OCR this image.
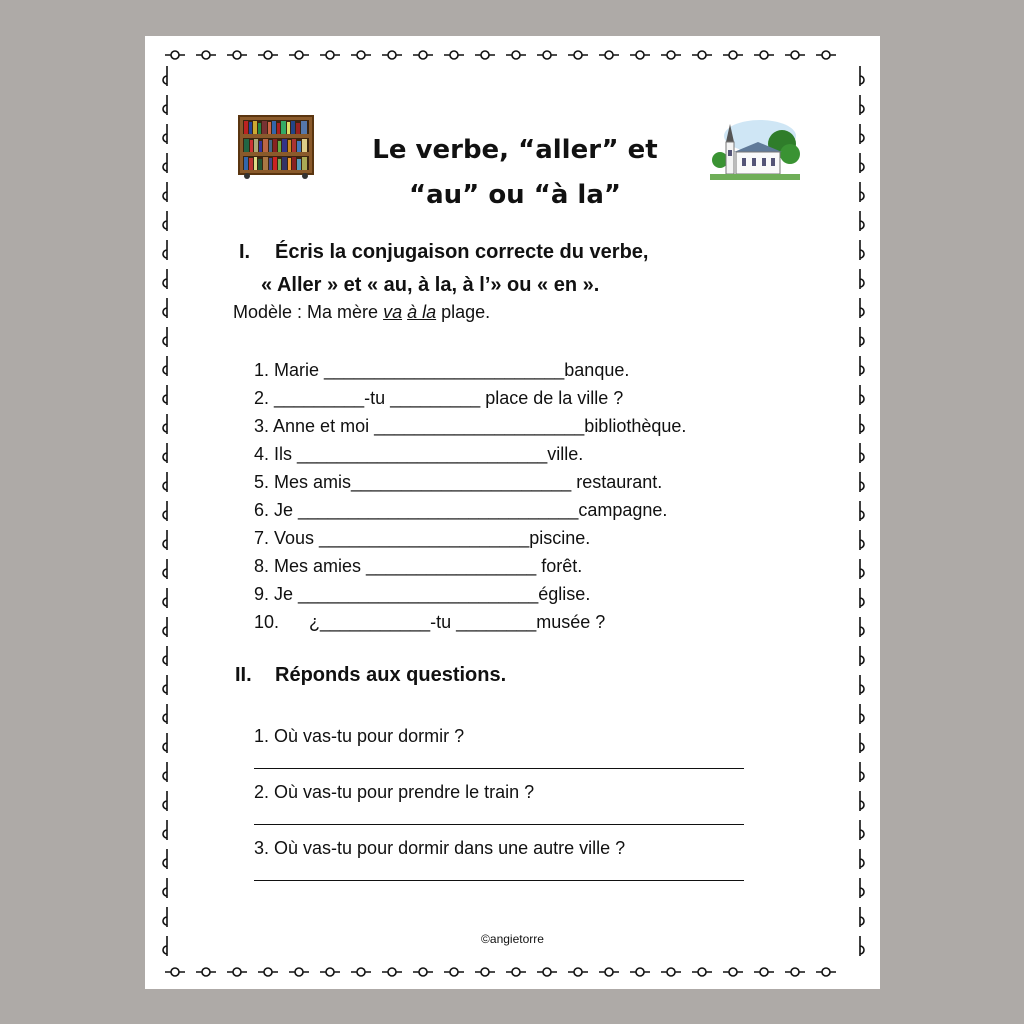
Le verbe, “aller” et
“au” ou “à la”
I. Écris la conjugaison correcte du verbe,
« Aller » et « au, à la, à l’» ou « en ».
Modèle : Ma mère va à la plage.
1. Marie ________________________banque.
2. _________-tu _________ place de la ville ?
3. Anne et moi _____________________bibliothèque.
4. Ils _________________________ville.
5. Mes amis______________________ restaurant.
6. Je ____________________________campagne.
7. Vous _____________________piscine.
8. Mes amies _________________ forêt.
9. Je ________________________église.
10.      ¿___________-tu ________musée ?
II. Réponds aux questions.
1. Où vas-tu pour dormir ?
2. Où vas-tu pour prendre le train ?
3. Où vas-tu pour dormir dans une autre ville ?
©angietorre
